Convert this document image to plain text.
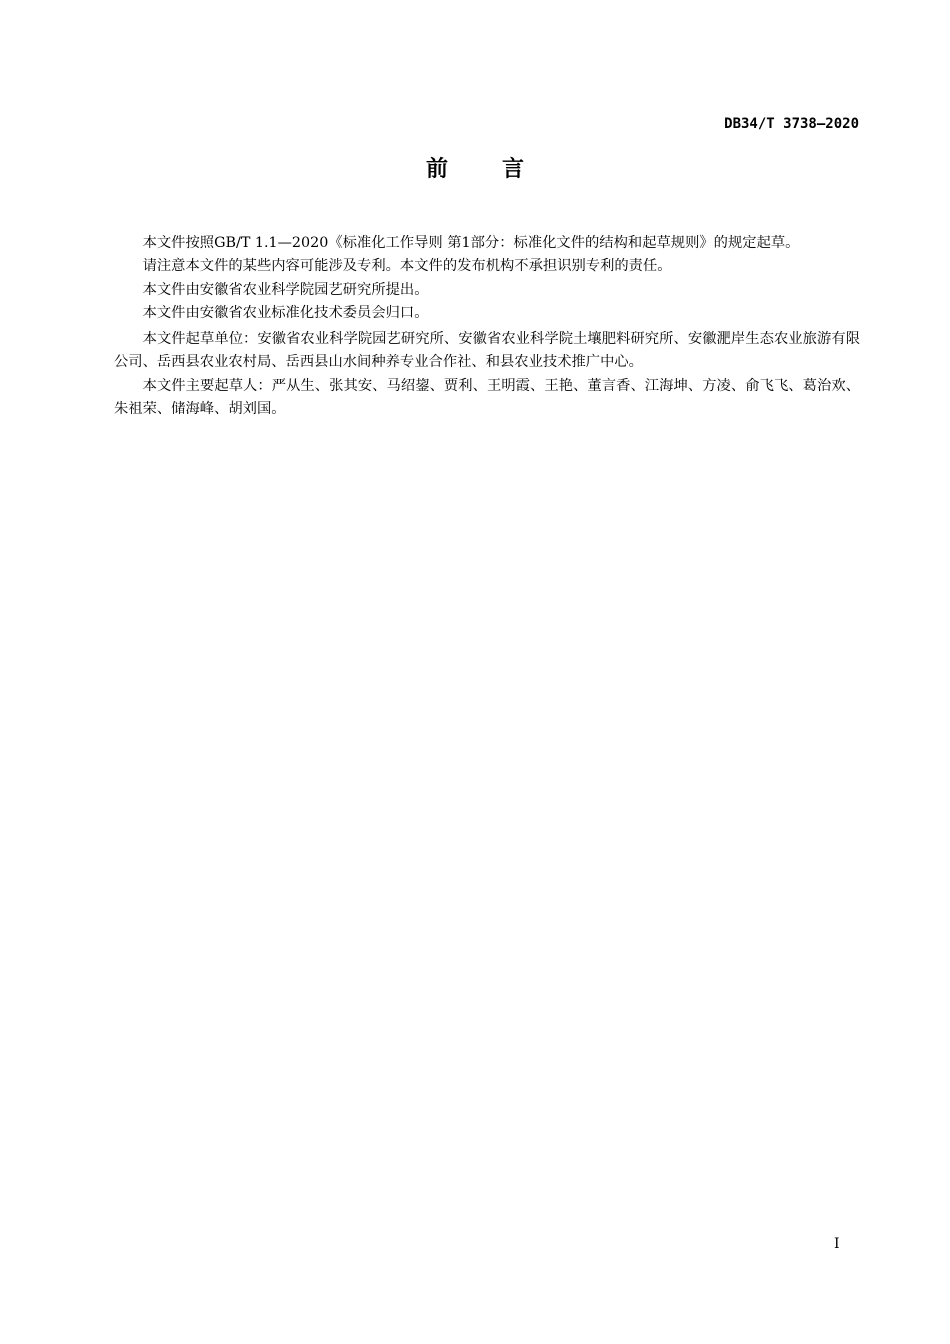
DB34/T 3738—2020
前 言

本文件按照GB/T 1.1—2020《标准化工作导则 第1部分：标准化文件的结构和起草规则》的规定起草。

请注意本文件的某些内容可能涉及专利。本文件的发布机构不承担识别专利的责任。

本文件由安徽省农业科学院园艺研究所提出。

本文件由安徽省农业标准化技术委员会归口。

本文件起草单位：安徽省农业科学院园艺研究所、安徽省农业科学院土壤肥料研究所、安徽淝岸生态农业旅游有限公司、岳西县农业农村局、岳西县山水间种养专业合作社、和县农业技术推广中心。

本文件主要起草人：严从生、张其安、马绍鋆、贾利、王明霞、王艳、董言香、江海坤、方凌、俞飞飞、葛治欢、朱祖荣、储海峰、胡刘国。

I
